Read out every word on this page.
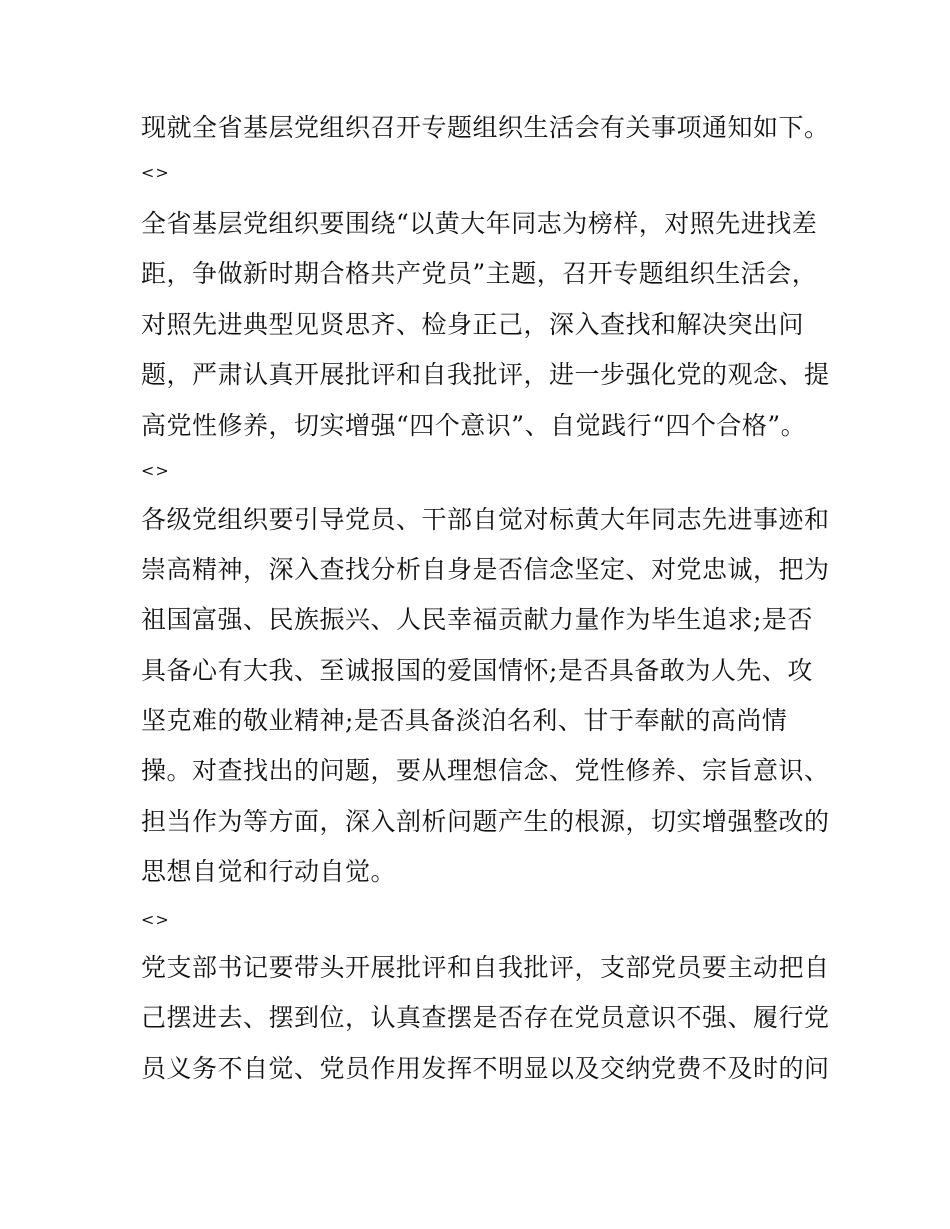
现就全省基层党组织召开专题组织生活会有关事项通知如下。
<>
全省基层党组织要围绕“以黄大年同志为榜样，对照先进找差
距，争做新时期合格共产党员”主题，召开专题组织生活会，
对照先进典型见贤思齐、检身正己，深入查找和解决突出问
题，严肃认真开展批评和自我批评，进一步强化党的观念、提
高党性修养，切实增强“四个意识”、自觉践行“四个合格”。
<>
各级党组织要引导党员、干部自觉对标黄大年同志先进事迹和
崇高精神，深入查找分析自身是否信念坚定、对党忠诚，把为
祖国富强、民族振兴、人民幸福贡献力量作为毕生追求;是否
具备心有大我、至诚报国的爱国情怀;是否具备敢为人先、攻
坚克难的敬业精神;是否具备淡泊名利、甘于奉献的高尚情
操。对查找出的问题，要从理想信念、党性修养、宗旨意识、
担当作为等方面，深入剖析问题产生的根源，切实增强整改的
思想自觉和行动自觉。
<>
党支部书记要带头开展批评和自我批评，支部党员要主动把自
己摆进去、摆到位，认真查摆是否存在党员意识不强、履行党
员义务不自觉、党员作用发挥不明显以及交纳党费不及时的问
